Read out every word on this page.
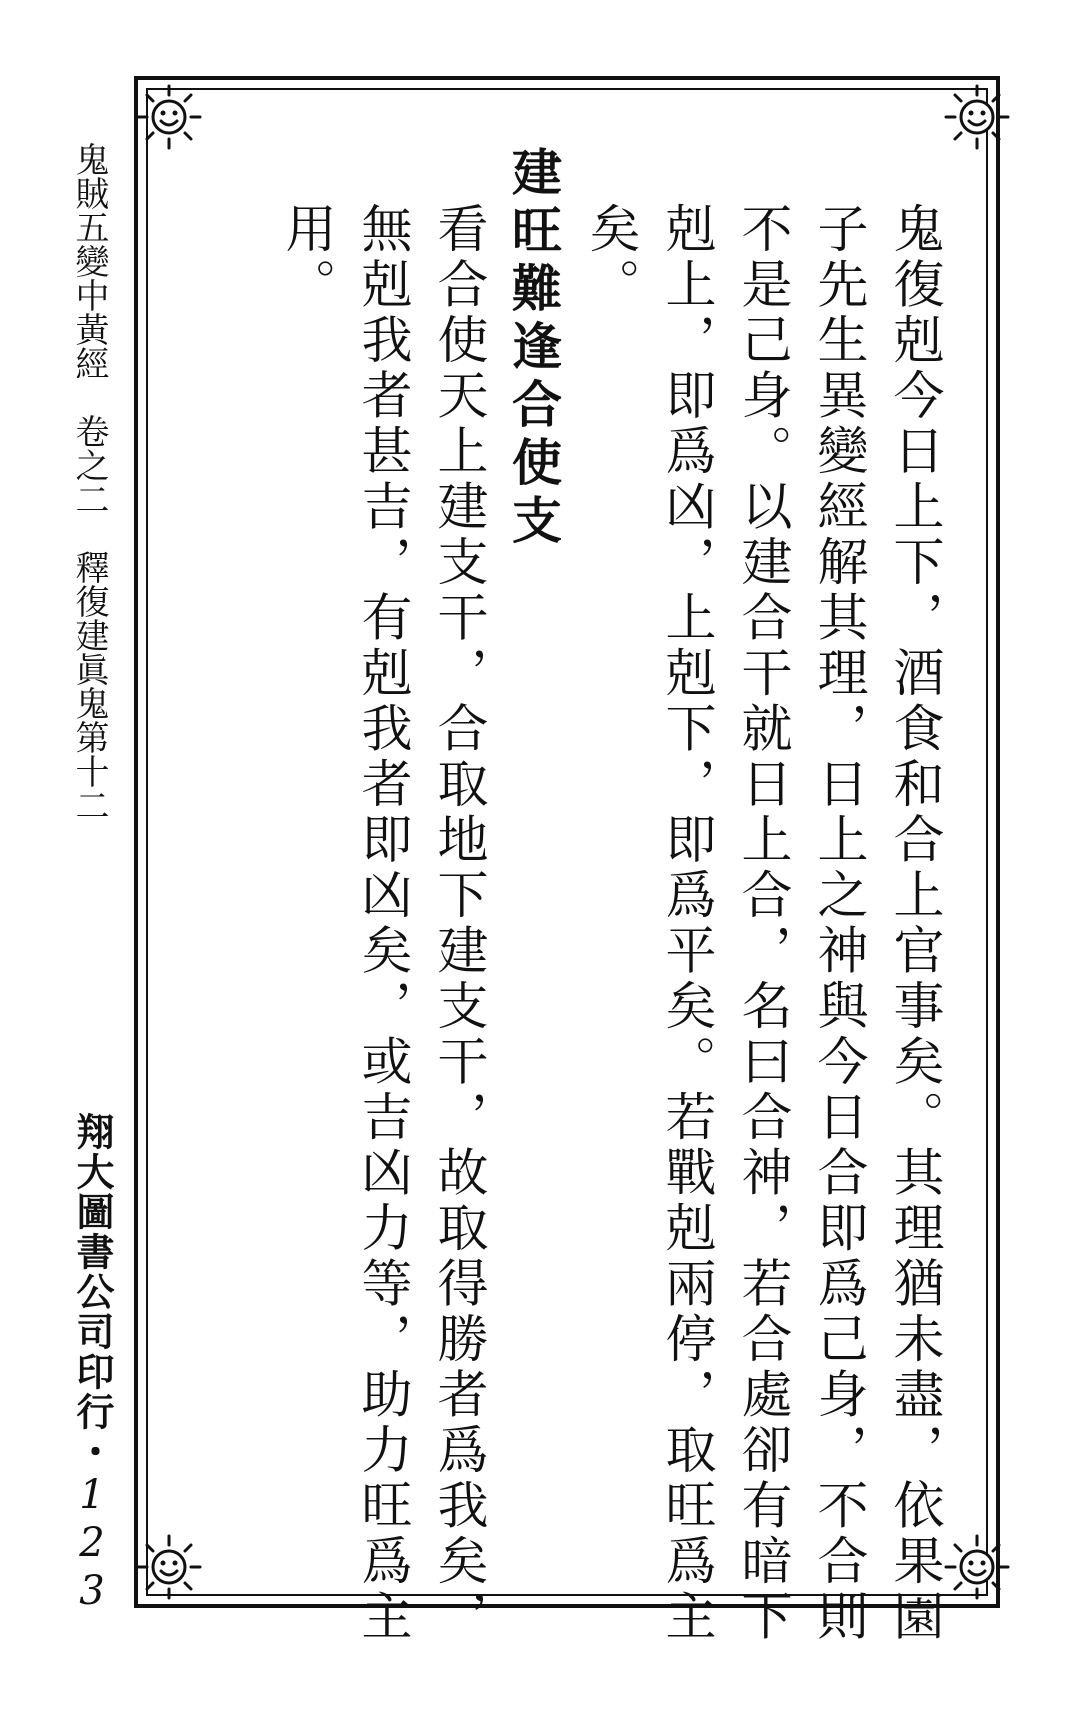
鬼賊五變中黃經　卷之二　釋復建眞鬼第十二
翔大圖書公司印行・123	鬼復剋今日上下，酒食和合上官事矣。其理猶未盡，依果園
子先生異變經解其理，日上之神與今日合即爲己身，不合則
不是己身。以建合干就日上合，名曰合神，若合處卻有暗下
剋上，即爲凶，上剋下，即爲平矣。若戰剋兩停，取旺爲主
矣。
建旺難逢合使支
看合使天上建支干，合取地下建支干，故取得勝者爲我矣，
無剋我者甚吉，有剋我者即凶矣，或吉凶力等，助力旺爲主
用。
